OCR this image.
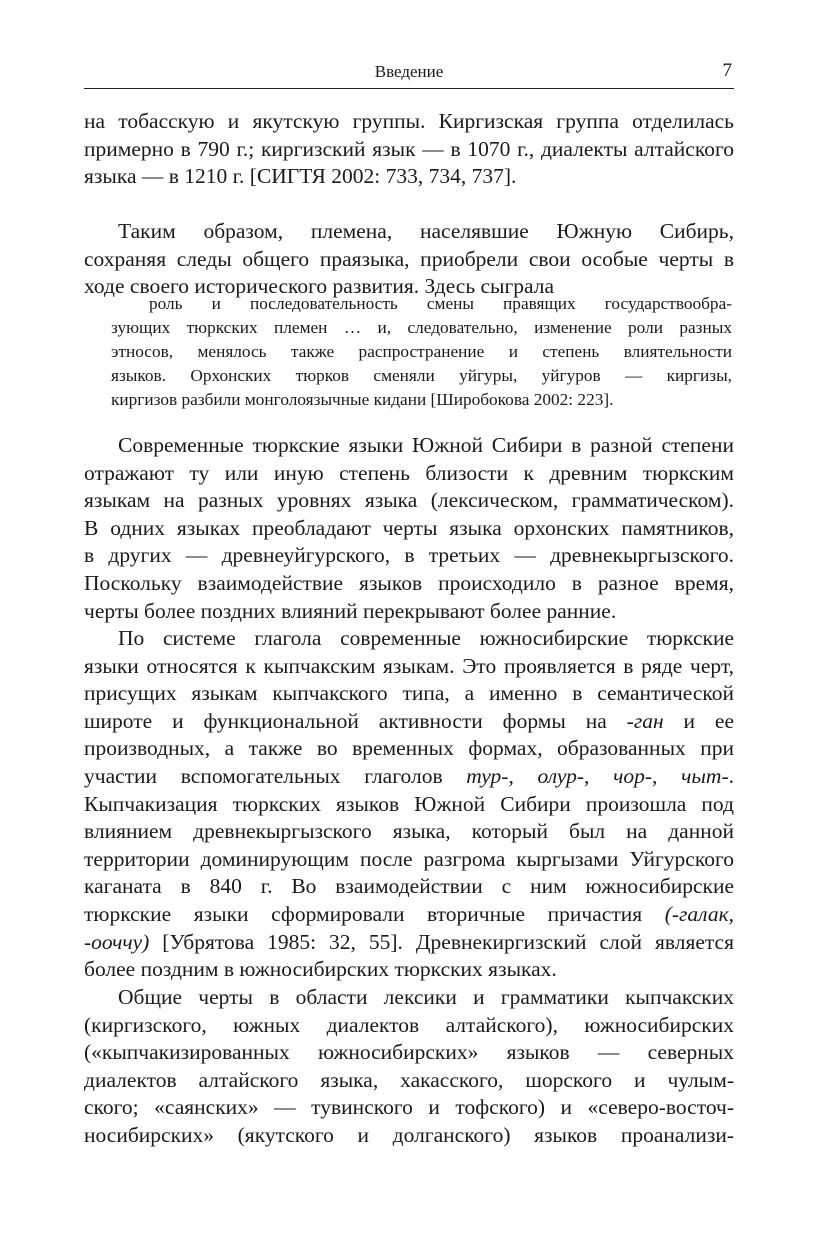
Введение	7
на тобасскую и якутскую группы. Киргизская группа отделилась
примерно в 790 г.; киргизский язык — в 1070 г., диалекты алтайского
языка — в 1210 г. [СИГТЯ 2002: 733, 734, 737].
Таким образом, племена, населявшие Южную Сибирь,
сохраняя следы общего праязыка, приобрели свои особые черты в
ходе своего исторического развития. Здесь сыграла
роль и последовательность смены правящих государствообра-
зующих тюркских племен … и, следовательно, изменение роли разных
этносов, менялось также распространение и степень влиятельности
языков. Орхонских тюрков сменяли уйгуры, уйгуров — киргизы,
киргизов разбили монголоязычные кидани [Широбокова 2002: 223].
Современные тюркские языки Южной Сибири в разной степени
отражают ту или иную степень близости к древним тюркским
языкам на разных уровнях языка (лексическом, грамматическом).
В одних языках преобладают черты языка орхонских памятников,
в других — древнеуйгурского, в третьих — древнекыргызского.
Поскольку взаимодействие языков происходило в разное время,
черты более поздних влияний перекрывают более ранние.
По системе глагола современные южносибирские тюркские
языки относятся к кыпчакским языкам. Это проявляется в ряде черт,
присущих языкам кыпчакского типа, а именно в семантической
широте и функциональной активности формы на -ган и ее
производных, а также во временных формах, образованных при
участии вспомогательных глаголов тур-, олур-, чор-, чыт-.
Кыпчакизация тюркских языков Южной Сибири произошла под
влиянием древнекыргызского языка, который был на данной
территории доминирующим после разгрома кыргызами Уйгурского
каганата в 840 г. Во взаимодействии с ним южносибирские
тюркские языки сформировали вторичные причастия (-галак,
-ооччу) [Убрятова 1985: 32, 55]. Древнекиргизский слой является
более поздним в южносибирских тюркских языках.
Общие черты в области лексики и грамматики кыпчакских
(киргизского, южных диалектов алтайского), южносибирских
(«кыпчакизированных южносибирских» языков — северных
диалектов алтайского языка, хакасского, шорского и чулым-
ского; «саянских» — тувинского и тофского) и «северо-восточ-
носибирских» (якутского и долганского) языков проанализи-
